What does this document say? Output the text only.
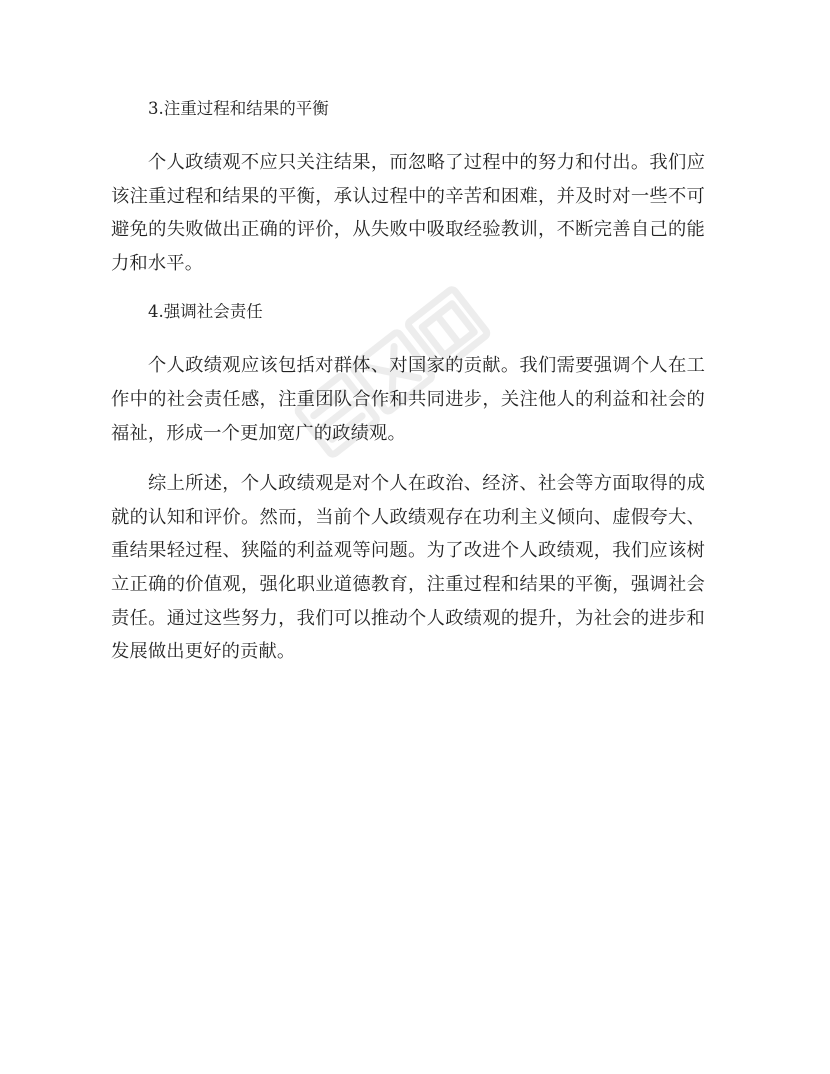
3.注重过程和结果的平衡

个人政绩观不应只关注结果，而忽略了过程中的努力和付出。我们应该注重过程和结果的平衡，承认过程中的辛苦和困难，并及时对一些不可避免的失败做出正确的评价，从失败中吸取经验教训，不断完善自己的能力和水平。

4.强调社会责任

个人政绩观应该包括对群体、对国家的贡献。我们需要强调个人在工作中的社会责任感，注重团队合作和共同进步，关注他人的利益和社会的福祉，形成一个更加宽广的政绩观。

综上所述，个人政绩观是对个人在政治、经济、社会等方面取得的成就的认知和评价。然而，当前个人政绩观存在功利主义倾向、虚假夸大、重结果轻过程、狭隘的利益观等问题。为了改进个人政绩观，我们应该树立正确的价值观，强化职业道德教育，注重过程和结果的平衡，强调社会责任。通过这些努力，我们可以推动个人政绩观的提升，为社会的进步和发展做出更好的贡献。
